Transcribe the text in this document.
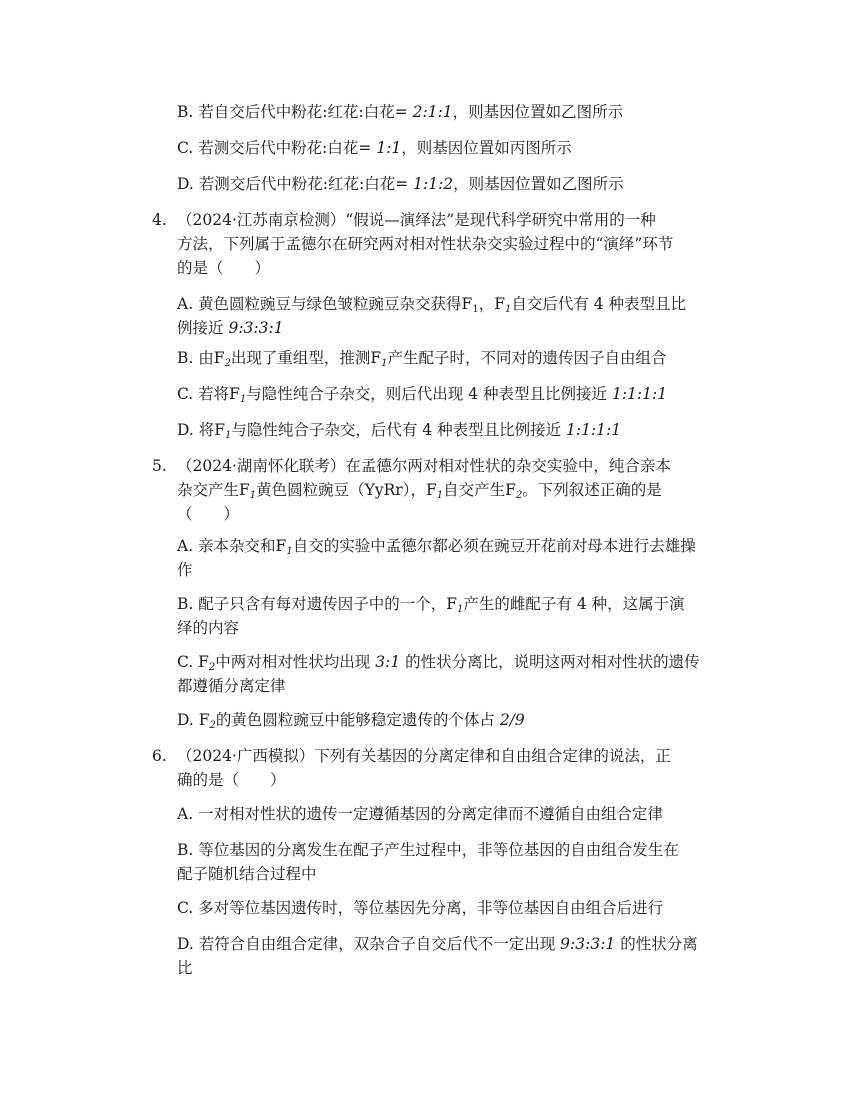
B. 若自交后代中粉花:红花:白花= 2:1:1，则基因位置如乙图所示
C. 若测交后代中粉花:白花= 1:1，则基因位置如丙图所示
D. 若测交后代中粉花:红花:白花= 1:1:2，则基因位置如乙图所示
4. （2024·江苏南京检测）“假说—演绎法”是现代科学研究中常用的一种
方法，下列属于孟德尔在研究两对相对性状杂交实验过程中的“演绎”环节
的是（　　）
A. 黄色圆粒豌豆与绿色皱粒豌豆杂交获得$F_1$，$F_1$自交后代有 4 种表型且比
例接近 9:3:3:1
B. 由$F_2$出现了重组型，推测$F_1$产生配子时，不同对的遗传因子自由组合
C. 若将$F_1$与隐性纯合子杂交，则后代出现 4 种表型且比例接近 1:1:1:1
D. 将$F_1$与隐性纯合子杂交，后代有 4 种表型且比例接近 1:1:1:1
5. （2024·湖南怀化联考）在孟德尔两对相对性状的杂交实验中，纯合亲本
杂交产生$F_1$黄色圆粒豌豆（YyRr），$F_1$自交产生$F_2$。下列叙述正确的是
（　　）
A. 亲本杂交和$F_1$自交的实验中孟德尔都必须在豌豆开花前对母本进行去雄操
作
B. 配子只含有每对遗传因子中的一个，$F_1$产生的雌配子有 4 种，这属于演
绎的内容
C. $F_2$中两对相对性状均出现 3:1 的性状分离比，说明这两对相对性状的遗传
都遵循分离定律
D. $F_2$的黄色圆粒豌豆中能够稳定遗传的个体占 2/9
6. （2024·广西模拟）下列有关基因的分离定律和自由组合定律的说法，正
确的是（　　）
A. 一对相对性状的遗传一定遵循基因的分离定律而不遵循自由组合定律
B. 等位基因的分离发生在配子产生过程中，非等位基因的自由组合发生在
配子随机结合过程中
C. 多对等位基因遗传时，等位基因先分离，非等位基因自由组合后进行
D. 若符合自由组合定律，双杂合子自交后代不一定出现 9:3:3:1 的性状分离
比
